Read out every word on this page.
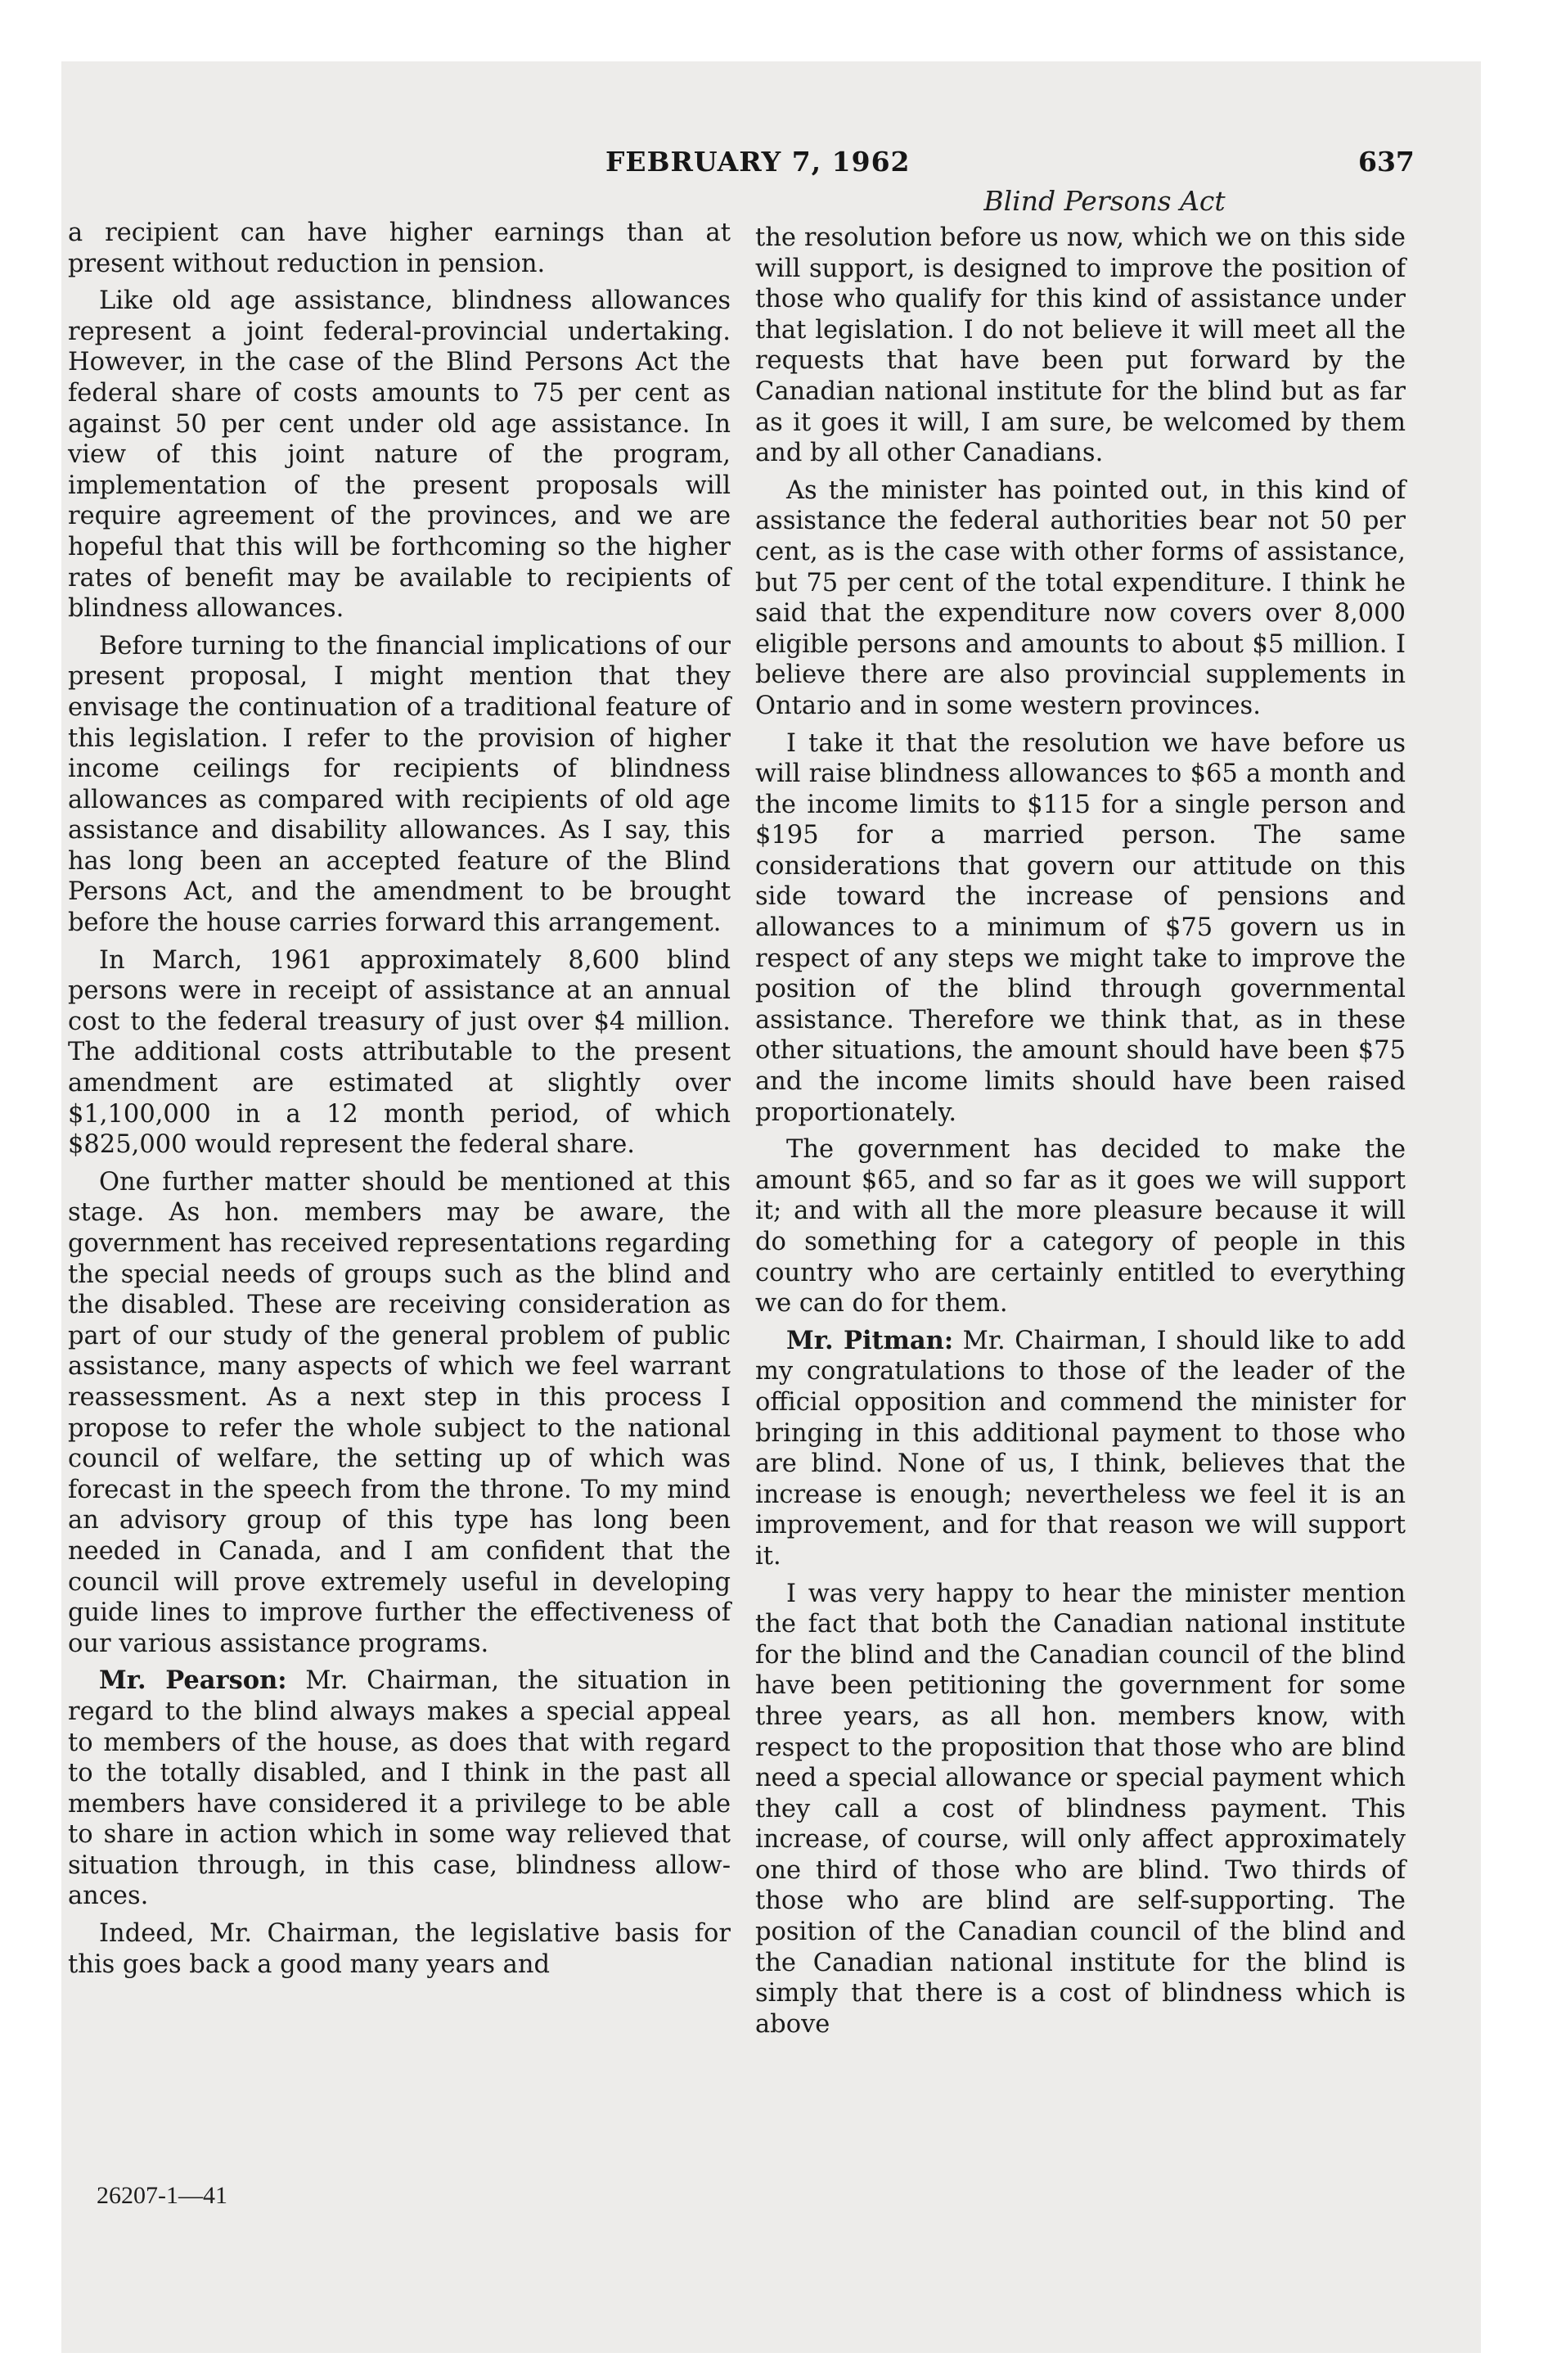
FEBRUARY 7, 1962	637
Blind Persons Act

a recipient can have higher earnings than at present without reduction in pension.

Like old age assistance, blindness allowances represent a joint federal-provincial undertaking. However, in the case of the Blind Persons Act the federal share of costs amounts to 75 per cent as against 50 per cent under old age assistance. In view of this joint nature of the program, implementation of the present proposals will require agreement of the provinces, and we are hopeful that this will be forthcoming so the higher rates of benefit may be available to recipients of blindness allowances.

Before turning to the financial implications of our present proposal, I might mention that they envisage the continuation of a traditional feature of this legislation. I refer to the provision of higher income ceilings for recipients of blindness allowances as compared with recipients of old age assistance and disability allowances. As I say, this has long been an accepted feature of the Blind Persons Act, and the amendment to be brought before the house carries forward this arrangement.

In March, 1961 approximately 8,600 blind persons were in receipt of assistance at an annual cost to the federal treasury of just over $4 million. The additional costs attributable to the present amendment are estimated at slightly over $1,100,000 in a 12 month period, of which $825,000 would represent the federal share.

One further matter should be mentioned at this stage. As hon. members may be aware, the government has received representations regarding the special needs of groups such as the blind and the disabled. These are receiving consideration as part of our study of the general problem of public assistance, many aspects of which we feel warrant reassessment. As a next step in this process I propose to refer the whole subject to the national council of welfare, the setting up of which was forecast in the speech from the throne. To my mind an advisory group of this type has long been needed in Canada, and I am confident that the council will prove extremely useful in developing guide lines to improve further the effectiveness of our various assistance programs.

Mr. Pearson: Mr. Chairman, the situation in regard to the blind always makes a special appeal to members of the house, as does that with regard to the totally disabled, and I think in the past all members have considered it a privilege to be able to share in action which in some way relieved that situation through, in this case, blindness allowances.

Indeed, Mr. Chairman, the legislative basis for this goes back a good many years and

the resolution before us now, which we on this side will support, is designed to improve the position of those who qualify for this kind of assistance under that legislation. I do not believe it will meet all the requests that have been put forward by the Canadian national institute for the blind but as far as it goes it will, I am sure, be welcomed by them and by all other Canadians.

As the minister has pointed out, in this kind of assistance the federal authorities bear not 50 per cent, as is the case with other forms of assistance, but 75 per cent of the total expenditure. I think he said that the expenditure now covers over 8,000 eligible persons and amounts to about $5 million. I believe there are also provincial supplements in Ontario and in some western provinces.

I take it that the resolution we have before us will raise blindness allowances to $65 a month and the income limits to $115 for a single person and $195 for a married person. The same considerations that govern our attitude on this side toward the increase of pensions and allowances to a minimum of $75 govern us in respect of any steps we might take to improve the position of the blind through governmental assistance. Therefore we think that, as in these other situations, the amount should have been $75 and the income limits should have been raised proportionately.

The government has decided to make the amount $65, and so far as it goes we will support it; and with all the more pleasure because it will do something for a category of people in this country who are certainly entitled to everything we can do for them.

Mr. Pitman: Mr. Chairman, I should like to add my congratulations to those of the leader of the official opposition and commend the minister for bringing in this additional payment to those who are blind. None of us, I think, believes that the increase is enough; nevertheless we feel it is an improvement, and for that reason we will support it.

I was very happy to hear the minister mention the fact that both the Canadian national institute for the blind and the Canadian council of the blind have been petitioning the government for some three years, as all hon. members know, with respect to the proposition that those who are blind need a special allowance or special payment which they call a cost of blindness payment. This increase, of course, will only affect approximately one third of those who are blind. Two thirds of those who are blind are self-supporting. The position of the Canadian council of the blind and the Canadian national institute for the blind is simply that there is a cost of blindness which is above

26207-1—41
